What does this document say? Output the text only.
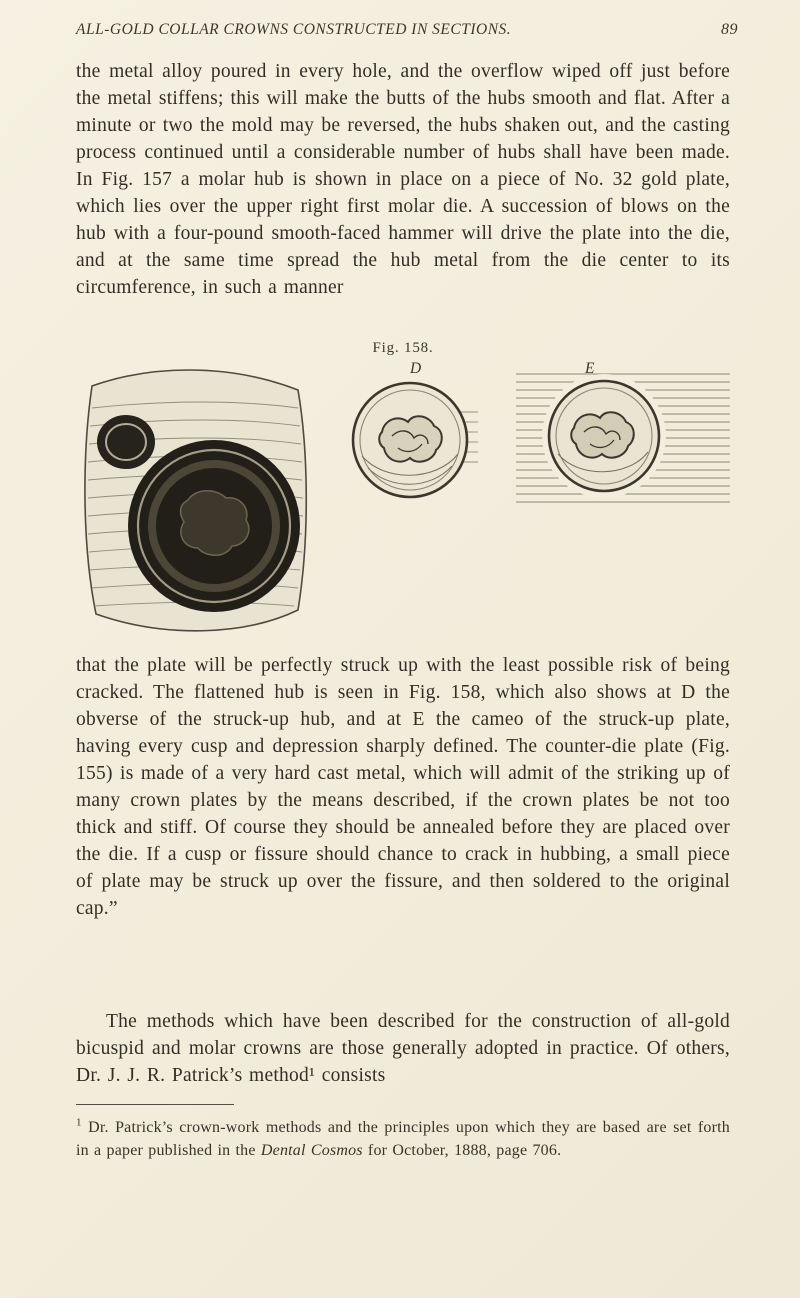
ALL-GOLD COLLAR CROWNS CONSTRUCTED IN SECTIONS.	89

the metal alloy poured in every hole, and the overflow wiped off just before the metal stiffens; this will make the butts of the hubs smooth and flat. After a minute or two the mold may be reversed, the hubs shaken out, and the casting process continued until a considerable number of hubs shall have been made. In Fig. 157 a molar hub is shown in place on a piece of No. 32 gold plate, which lies over the upper right first molar die. A succession of blows on the hub with a four-pound smooth-faced hammer will drive the plate into the die, and at the same time spread the hub metal from the die center to its circumference, in such a manner

Fig. 158.
D	E

that the plate will be perfectly struck up with the least possible risk of being cracked. The flattened hub is seen in Fig. 158, which also shows at D the obverse of the struck-up hub, and at E the cameo of the struck-up plate, having every cusp and depression sharply defined. The counter-die plate (Fig. 155) is made of a very hard cast metal, which will admit of the striking up of many crown plates by the means described, if the crown plates be not too thick and stiff. Of course they should be annealed before they are placed over the die. If a cusp or fissure should chance to crack in hubbing, a small piece of plate may be struck up over the fissure, and then soldered to the original cap.”

The methods which have been described for the construction of all-gold bicuspid and molar crowns are those generally adopted in practice. Of others, Dr. J. J. R. Patrick’s method¹ consists

$^1$ Dr. Patrick’s crown-work methods and the principles upon which they are based are set forth in a paper published in the Dental Cosmos for October, 1888, page 706.
